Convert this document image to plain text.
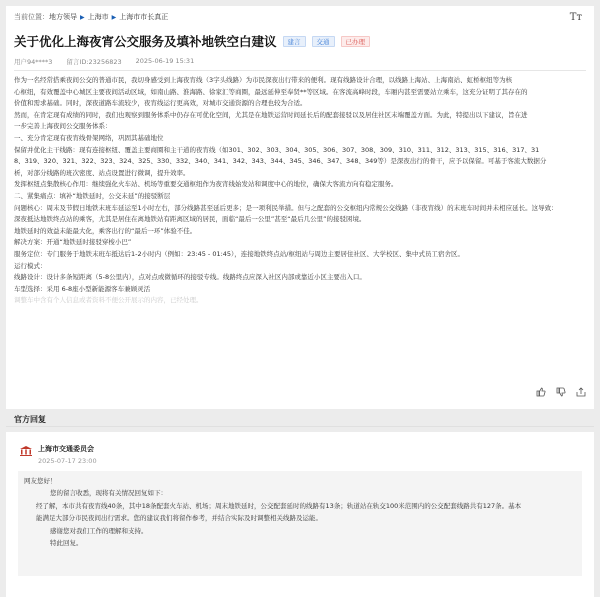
当前位置： 地方领导 ▶ 上海市 ▶ 上海市市长真正	Tт
关于优化上海夜宵公交服务及填补地铁空白建议	建言	交通	已办理
用户94****3 留言ID:23256823 2025-06-19 15:31

作为一名经常搭乘夜间公交的普通市民，我切身感受到上海夜宵线（3字头线路）为市民深夜出行带来的便利。现有线路设计合理，以线路上海站、上海南站、虹桥枢纽等为核

心枢纽，有效覆盖中心城区主要夜间活动区域，如南山路、淮海路、徐家汇等商圈，最远延伸至奉贤**等区域。在客流高峰时段，车厢内甚至需要站立乘车，这充分证明了其存在的

价值和需求基础。同时，深夜道路车流较少，夜宵线运行更高效，对城市交通资源的合理也较为合适。

然而，在肯定现有成绩的同时，我们也观察到服务体系中仍存在可优化空间，尤其是在地铁运营时间延长后的配套接驳以及居住社区末端覆盖方面。为此，特提出以下建议，旨在进

一步完善上海夜间公交服务体系：

一、充分肯定现有夜宵线骨架网络，巩固其基础地位

保留并优化主干线路：现有连接枢纽、覆盖主要商圈和主干道的夜宵线（如301、302、303、304、305、306、307、308、309、310、311、312、313、315、316、317、31

8、319、320、321、322、323、324、325、330、332、340、341、342、343、344、345、346、347、348、349等）是深夜出行的骨干，应予以保留。可基于客流大数据分

析，对部分线路的班次密度、站点设置进行微调，提升效率。

发挥枢纽点集散核心作用：继续强化火车站、机场等重要交通枢纽作为夜宵线始发站和调度中心的地位，确保大客流方向有稳定服务。

二、紧集痛点：填补“地铁延时，公交未延”的接驳断层

问题核心：周末及节假日地铁末班车延运至1小时左右，部分线路甚至延后更多；是一项利民举措。但与之配套的公交枢纽内常规公交线路（非夜宵线）的末班车时间并未相应延长。这导致：

深夜抵达地铁终点站的乘客，尤其是居住在离地铁站有距离区域的居民，面临“最后一公里”甚至“最后几公里”的接驳困境。

地铁延时的效益未能最大化，乘客出行的“最后一环”体验不佳。

解决方案：开通“地铁延时接驳穿梭小巴”

服务定位：专门服务于地铁末班车抵达后1-2小时内（例如：23:45 - 01:45），连接地铁终点站/枢纽站与周边主要居住社区、大学校区、集中式员工宿舍区。

运行模式：

线路设计：设计多条短距离（5-8公里内），点对点或微循环的接驳专线。线路终点应深入社区内部或靠近小区主要出入口。

车型选择：采用 6-8座小型新能源客车兼顾灵活

调整车中含有个人信息或者资料不便公开展示的内容，已经处理。

官方回复
上海市交通委员会
2025-07-17 23:00

网友您好！

您的留言收悉，现将有关情况回复如下：

经了解，本市共有夜宵线40条，其中18条配套火车站、机场；周末地铁延时，公交配套延时的线路有13条；轨道站在轨交100米范围内的公交配套线路共有127条。基本

能满足大部分市民夜间出行需求。您的建议我们将留作参考，并结合实际及时调整相关线路及运能。

感谢您对我们工作的理解和支持。

特此回复。
